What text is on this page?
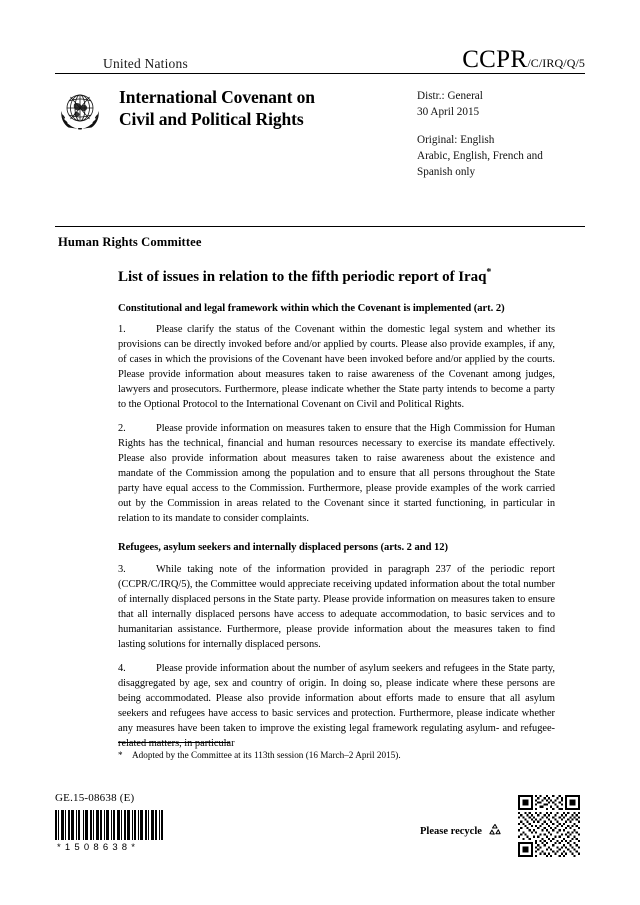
United Nations	CCPR/C/IRQ/Q/5
International Covenant on
Civil and Political Rights
Distr.: General
30 April 2015
Original: English
Arabic, English, French and
Spanish only
Human Rights Committee
List of issues in relation to the fifth periodic report of Iraq*
Constitutional and legal framework within which the Covenant is implemented (art. 2)

1.	Please clarify the status of the Covenant within the domestic legal system and whether its provisions can be directly invoked before and/or applied by courts. Please also provide examples, if any, of cases in which the provisions of the Covenant have been invoked before and/or applied by the courts. Please provide information about measures taken to raise awareness of the Covenant among judges, lawyers and prosecutors. Furthermore, please indicate whether the State party intends to become a party to the Optional Protocol to the International Covenant on Civil and Political Rights.

2.	Please provide information on measures taken to ensure that the High Commission for Human Rights has the technical, financial and human resources necessary to exercise its mandate effectively. Please also provide information about measures taken to raise awareness about the existence and mandate of the Commission among the population and to ensure that all persons throughout the State party have equal access to the Commission. Furthermore, please provide examples of the work carried out by the Commission in areas related to the Covenant since it started functioning, in particular in relation to its mandate to consider complaints.

Refugees, asylum seekers and internally displaced persons (arts. 2 and 12)

3.	While taking note of the information provided in paragraph 237 of the periodic report (CCPR/C/IRQ/5), the Committee would appreciate receiving updated information about the total number of internally displaced persons in the State party. Please provide information on measures taken to ensure that all internally displaced persons have access to adequate accommodation, to basic services and to humanitarian assistance. Furthermore, please provide information about the measures taken to find lasting solutions for internally displaced persons.

4.	Please provide information about the number of asylum seekers and refugees in the State party, disaggregated by age, sex and country of origin. In doing so, please indicate where these persons are being accommodated. Please also provide information about efforts made to ensure that all asylum seekers and refugees have access to basic services and protection. Furthermore, please indicate whether any measures have been taken to improve the existing legal framework regulating asylum- and refugee-related matters, in particular

* Adopted by the Committee at its 113th session (16 March–2 April 2015).
GE.15-08638 (E)
*1508638*
Please recycle
